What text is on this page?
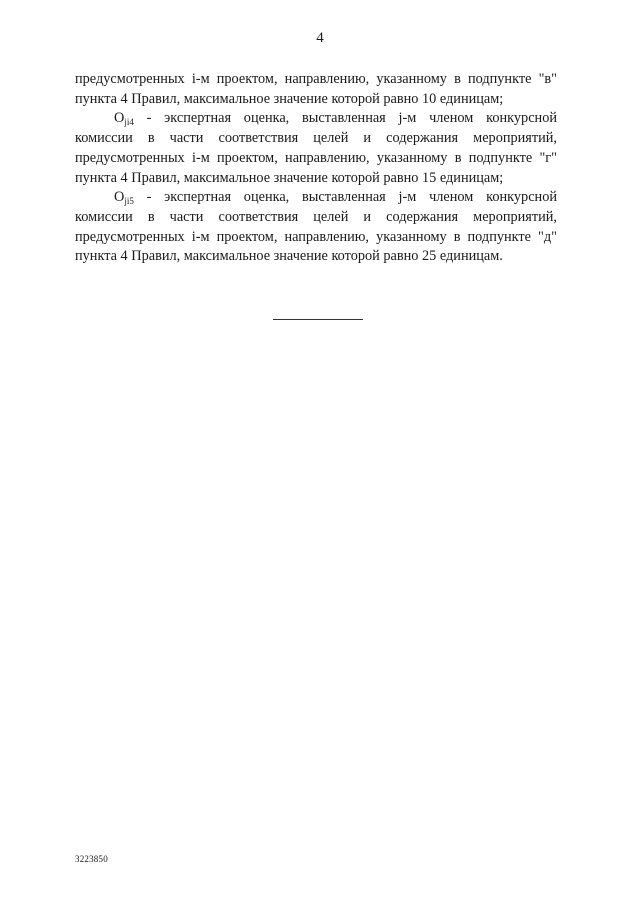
4
предусмотренных i-м проектом, направлению, указанному в подпункте "в"
пункта 4 Правил, максимальное значение которой равно 10 единицам;
$O_{ji4}$ - экспертная оценка, выставленная j-м членом конкурсной
комиссии в части соответствия целей и содержания мероприятий,
предусмотренных i-м проектом, направлению, указанному в подпункте "г"
пункта 4 Правил, максимальное значение которой равно 15 единицам;
$O_{ji5}$ - экспертная оценка, выставленная j-м членом конкурсной
комиссии в части соответствия целей и содержания мероприятий,
предусмотренных i-м проектом, направлению, указанному в подпункте "д"
пункта 4 Правил, максимальное значение которой равно 25 единицам.
3223850
